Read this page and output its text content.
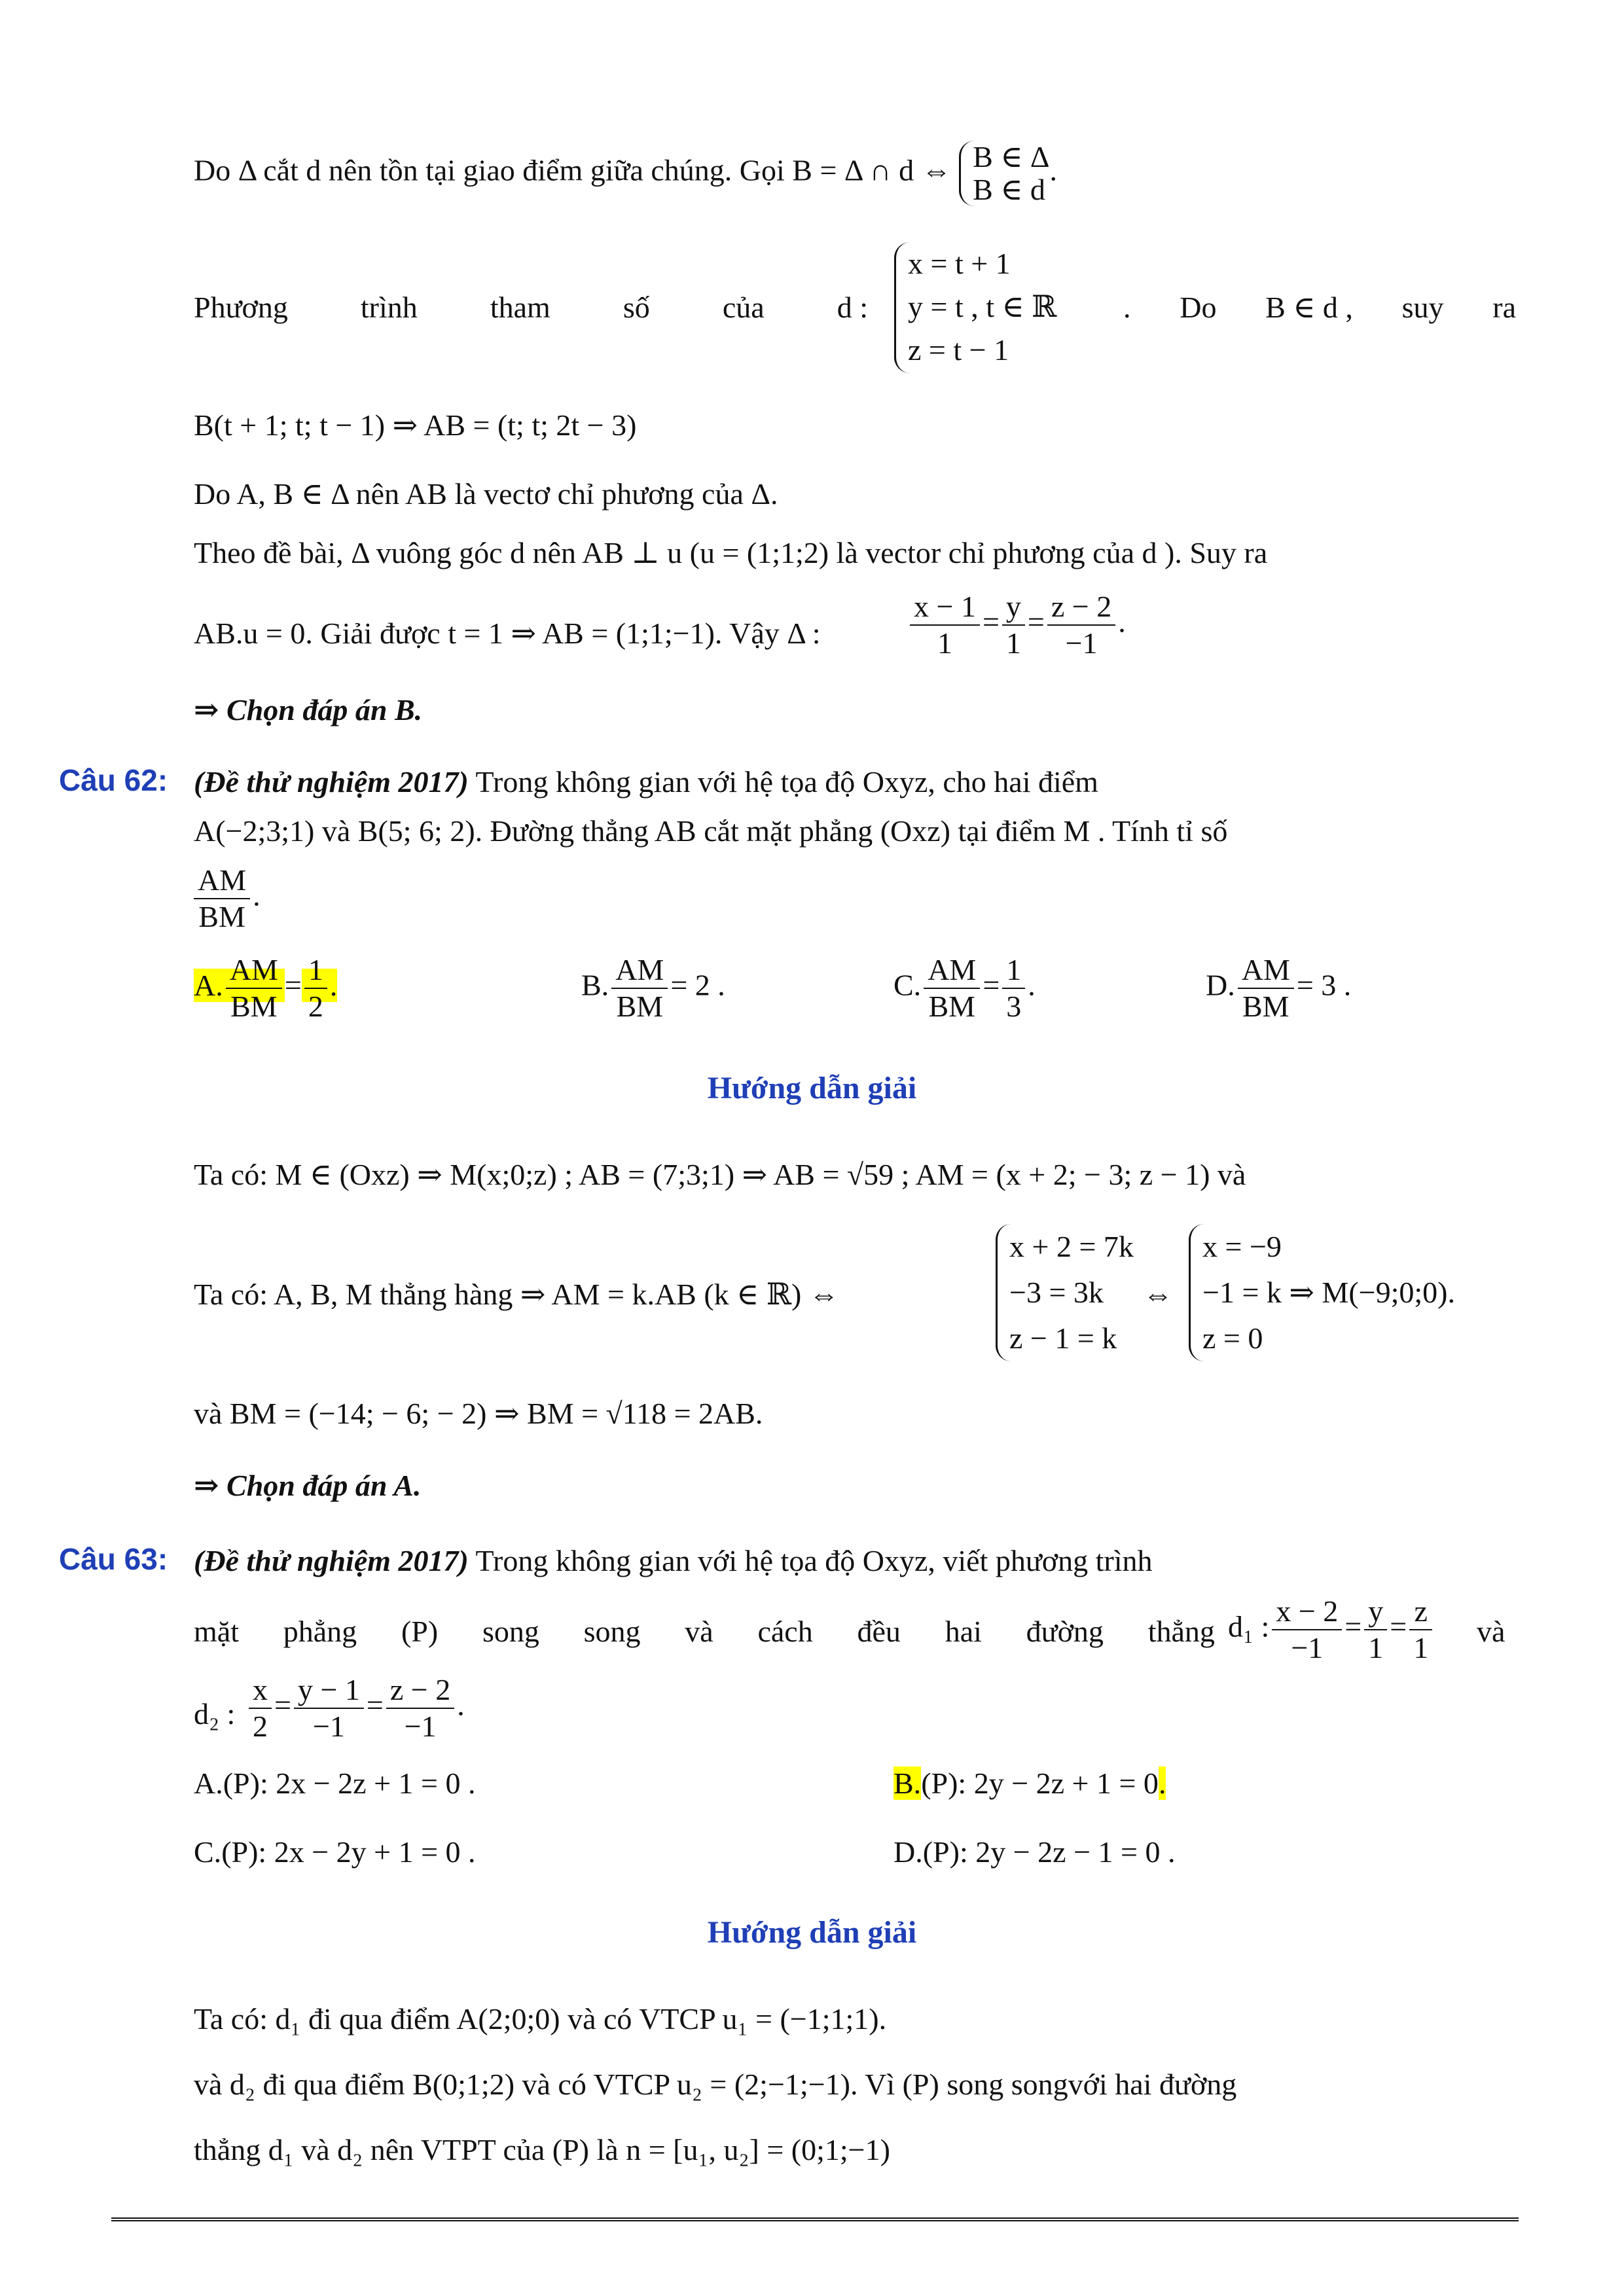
Do Δ cắt d nên tồn tại giao điểm giữa chúng. Gọi B = Δ ∩ d ⇔ B ∈ Δ
B ∈ d
.
Phương trình tham số của d :
x = t + 1
y = t , t ∈ ℝ
z = t − 1
. Do B ∈ d , suy ra
B(t + 1; t; t − 1) ⇒ AB = (t; t; 2t − 3)
Do A, B ∈ Δ nên AB là vectơ chỉ phương của Δ.
Theo đề bài, Δ vuông góc d nên AB ⊥ u (u = (1;1;2) là vector chỉ phương của d ). Suy ra
AB.u = 0. Giải được t = 1 ⇒ AB = (1;1;−1). Vậy Δ :	$\frac{x - 1}{1} = \frac{y}{1} = \frac{z - 2}{-1}$ .
⇒ Chọn đáp án B.
Câu 62: (Đề thử nghiệm 2017) Trong không gian với hệ tọa độ Oxyz, cho hai điểm
A(−2;3;1) và B(5; 6; 2). Đường thẳng AB cắt mặt phẳng (Oxz) tại điểm M . Tính tỉ số
$\frac{AM}{BM}$ .
A. $\frac{AM}{BM} = \frac{1}{2}$ .	B. $\frac{AM}{BM} = 2$ .	C. $\frac{AM}{BM} = \frac{1}{3}$ .	D. $\frac{AM}{BM} = 3$ .
Hướng dẫn giải
Ta có: M ∈ (Oxz) ⇒ M(x;0;z) ; AB = (7;3;1) ⇒ AB = √59 ; AM = (x + 2; − 3; z − 1) và
Ta có: A, B, M thẳng hàng ⇒ AM = k.AB (k ∈ ℝ) ⇔
x + 2 = 7k
−3 = 3k
z − 1 = k
⇔
x = −9
−1 = k ⇒ M(−9;0;0).
z = 0
và BM = (−14; − 6; − 2) ⇒ BM = √118 = 2AB.
⇒ Chọn đáp án A.
Câu 63: (Đề thử nghiệm 2017) Trong không gian với hệ tọa độ Oxyz, viết phương trình
mặt phẳng (P) song song và cách đều hai đường thẳng d₁ : $\frac{x - 2}{-1} = \frac{y}{1} = \frac{z}{1}$ và
d₂ : $\frac{x}{2} = \frac{y - 1}{-1} = \frac{z - 2}{-1}$ .
A.(P): 2x − 2z + 1 = 0 .	B.(P): 2y − 2z + 1 = 0.
C.(P): 2x − 2y + 1 = 0 .	D.(P): 2y − 2z − 1 = 0 .
Hướng dẫn giải
Ta có: d₁ đi qua điểm A(2;0;0) và có VTCP u₁ = (−1;1;1).
và d₂ đi qua điểm B(0;1;2) và có VTCP u₂ = (2;−1;−1). Vì (P) song songvới hai đường
thẳng d₁ và d₂ nên VTPT của (P) là n = [u₁, u₂] = (0;1;−1)
